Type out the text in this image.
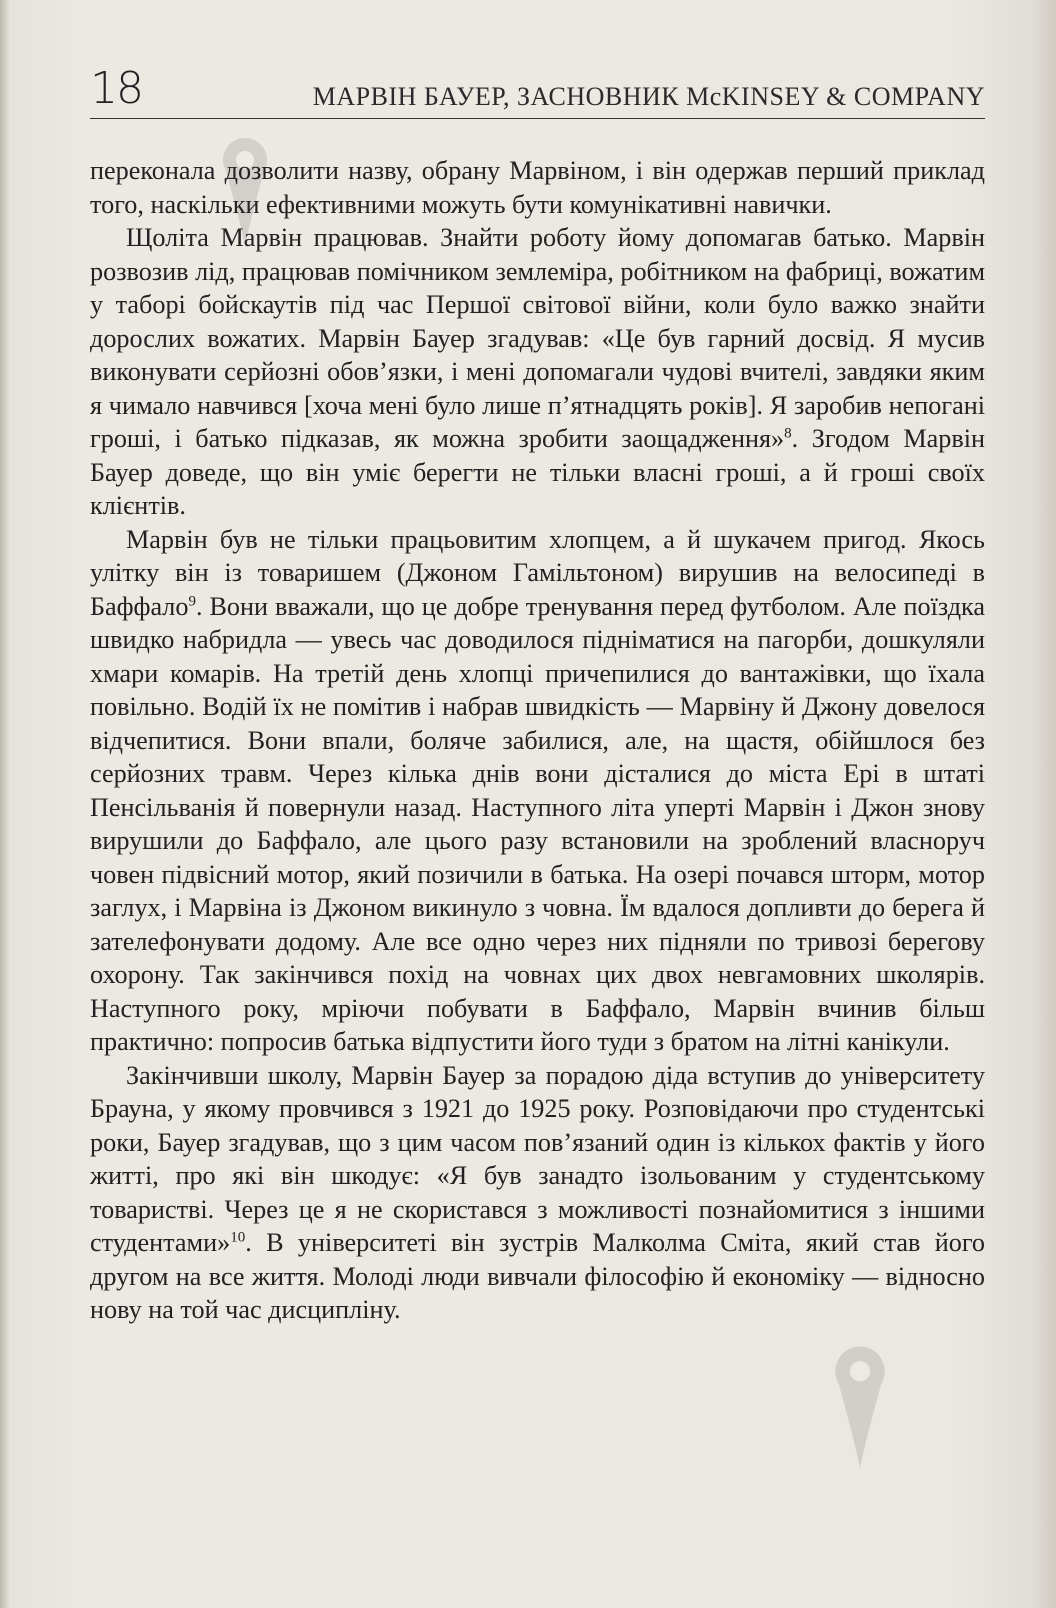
18	МАРВІН БАУЕР, ЗАСНОВНИК McKINSEY & COMPANY

переконала дозволити назву, обрану Марвіном, і він одержав перший приклад того, наскільки ефективними можуть бути комунікативні навички.

Щоліта Марвін працював. Знайти роботу йому допомагав батько. Марвін розвозив лід, працював помічником землеміра, робітником на фабриці, вожатим у таборі бойскаутів під час Першої світової війни, коли було важко знайти дорослих вожатих. Марвін Бауер згадував: «Це був гарний досвід. Я мусив виконувати серйозні обов’язки, і мені допомагали чудові вчителі, завдяки яким я чимало навчився [хоча мені було лише п’ятнадцять років]. Я заробив непогані гроші, і батько підказав, як можна зробити заощадження»$^8$. Згодом Марвін Бауер доведе, що він уміє берегти не тільки власні гроші, а й гроші своїх клієнтів.

Марвін був не тільки працьовитим хлопцем, а й шукачем пригод. Якось улітку він із товаришем (Джоном Гамільтоном) вирушив на велосипеді в Баффало$^9$. Вони вважали, що це добре тренування перед футболом. Але поїздка швидко набридла — увесь час доводилося підніматися на пагорби, дошкуляли хмари комарів. На третій день хлопці причепилися до вантажівки, що їхала повільно. Водій їх не помітив і набрав швидкість — Марвіну й Джону довелося відчепитися. Вони впали, боляче забилися, але, на щастя, обійшлося без серйозних травм. Через кілька днів вони дісталися до міста Ері в штаті Пенсільванія й повернули назад. Наступного літа уперті Марвін і Джон знову вирушили до Баффало, але цього разу встановили на зроблений власноруч човен підвісний мотор, який позичили в батька. На озері почався шторм, мотор заглух, і Марвіна із Джоном викинуло з човна. Їм вдалося допливти до берега й зателефонувати додому. Але все одно через них підняли по тривозі берегову охорону. Так закінчився похід на човнах цих двох невгамовних школярів. Наступного року, мріючи побувати в Баффало, Марвін вчинив більш практично: попросив батька відпустити його туди з братом на літні канікули.

Закінчивши школу, Марвін Бауер за порадою діда вступив до університету Брауна, у якому провчився з 1921 до 1925 року. Розповідаючи про студентські роки, Бауер згадував, що з цим часом пов’язаний один із кількох фактів у його житті, про які він шкодує: «Я був занадто ізольованим у студентському товаристві. Через це я не скористався з можливості познайомитися з іншими студентами»$^{10}$. В університеті він зустрів Малколма Сміта, який став його другом на все життя. Молоді люди вивчали філософію й економіку — відносно нову на той час дисципліну.
